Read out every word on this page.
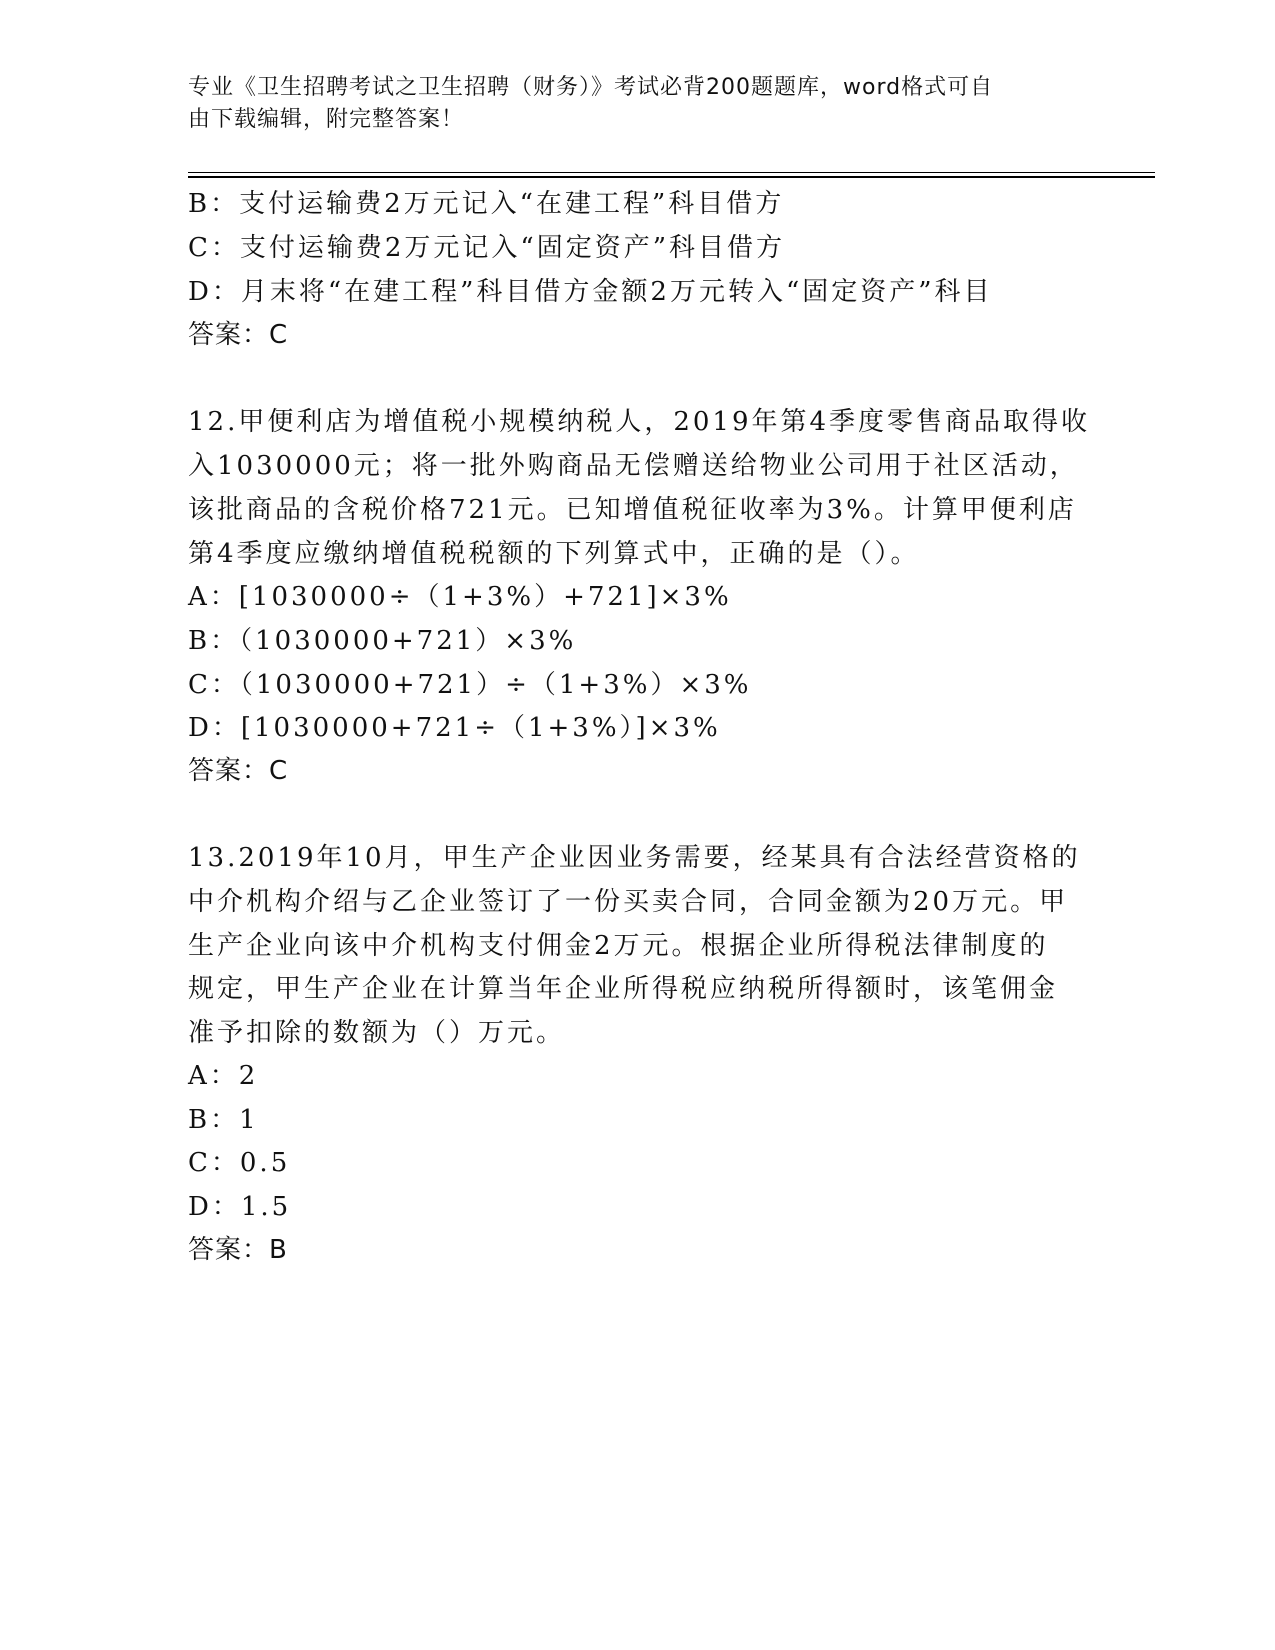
专业《卫生招聘考试之卫生招聘（财务）》考试必背200题题库，word格式可自
由下载编辑，附完整答案！
B：支付运输费2万元记入“在建工程”科目借方
C：支付运输费2万元记入“固定资产”科目借方
D：月末将“在建工程”科目借方金额2万元转入“固定资产”科目
答案：C
12.甲便利店为增值税小规模纳税人，2019年第4季度零售商品取得收
入1030000元；将一批外购商品无偿赠送给物业公司用于社区活动，
该批商品的含税价格721元。已知增值税征收率为3%。计算甲便利店
第4季度应缴纳增值税税额的下列算式中，正确的是（）。
A：[1030000÷（1+3%）+721]×3%
B：（1030000+721）×3%
C：（1030000+721）÷（1+3%）×3%
D：[1030000+721÷（1+3%）]×3%
答案：C
13.2019年10月，甲生产企业因业务需要，经某具有合法经营资格的
中介机构介绍与乙企业签订了一份买卖合同，合同金额为20万元。甲
生产企业向该中介机构支付佣金2万元。根据企业所得税法律制度的
规定，甲生产企业在计算当年企业所得税应纳税所得额时，该笔佣金
准予扣除的数额为（）万元。
A：2
B：1
C：0.5
D：1.5
答案：B
